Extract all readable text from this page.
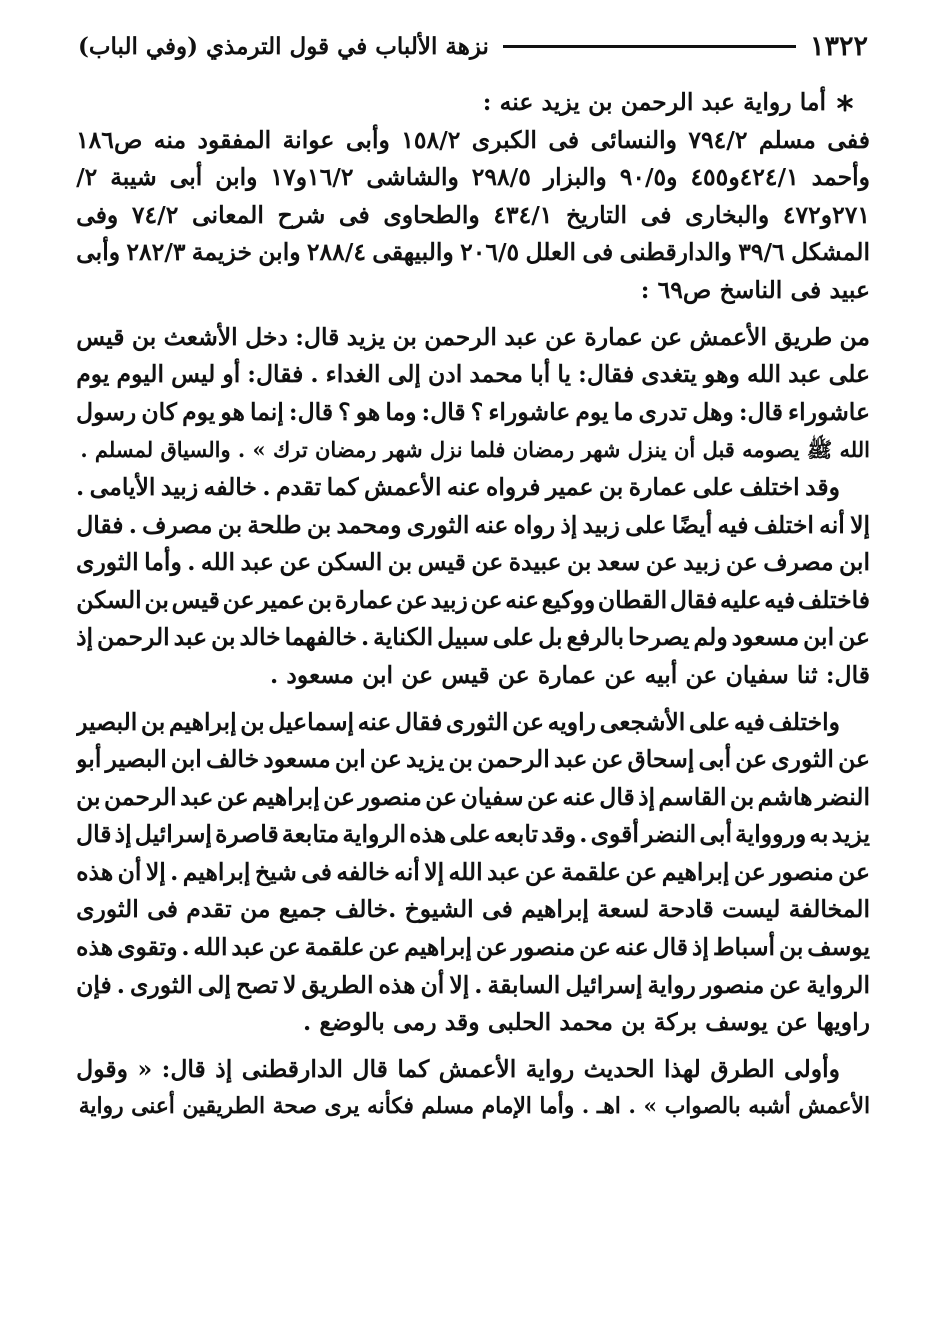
١٣٢٢
نزهة الألباب في قول الترمذي (وفي الباب)
أما رواية عبد الرحمن بن يزيد عنه :
ففى
مسلم
٧٩٤/٢
والنسائى
فى
الكبرى
١٥٨/٢
وأبى
عوانة
المفقود
منه
ص١٨٦
وأحمد
٤٢٤/١و٤٥٥
و٩٠/٥
والبزار
٢٩٨/٥
والشاشى
١٦/٢و١٧
وابن
أبى
شيبة
٢/
٢٧١و٤٧٢
والبخارى
فى
التاريخ
٤٣٤/١
والطحاوى
فى
شرح
المعانى
٧٤/٢
وفى
المشكل
٣٩/٦
والدارقطنى
فى
العلل
٢٠٦/٥
والبيهقى
٢٨٨/٤
وابن
خزيمة
٢٨٢/٣
وأبى
عبيد فى الناسخ ص٦٩ :
من
طريق
الأعمش
عن
عمارة
عن
عبد
الرحمن
بن
يزيد
قال:
دخل
الأشعث
بن
قيس
على
عبد
الله
وهو
يتغدى
فقال:
يا
أبا
محمد
ادن
إلى
الغداء
.
فقال:
أو
ليس
اليوم
يوم
عاشوراء
قال:
وهل
تدرى
ما
يوم
عاشوراء
؟
قال:
وما
هو
؟
قال:
إنما
هو
يوم
كان
رسول
الله ﷺ يصومه قبل أن ينزل شهر رمضان فلما نزل شهر رمضان ترك » . والسياق لمسلم .
وقد
اختلف
على
عمارة
بن
عمير
فرواه
عنه
الأعمش
كما
تقدم
.
خالفه
زبيد
الأيامى
.
إلا
أنه
اختلف
فيه
أيضًا
على
زبيد
إذ
رواه
عنه
الثورى
ومحمد
بن
طلحة
بن
مصرف
.
فقال
ابن
مصرف
عن
زبيد
عن
سعد
بن
عبيدة
عن
قيس
بن
السكن
عن
عبد
الله
.
وأما
الثورى
فاختلف
فيه
عليه
فقال
القطان
ووكيع
عنه
عن
زبيد
عن
عمارة
بن
عمير
عن
قيس
بن
السكن
عن
ابن
مسعود
ولم
يصرحا
بالرفع
بل
على
سبيل
الكناية
.
خالفهما
خالد
بن
عبد
الرحمن
إذ
قال: ثنا سفيان عن أبيه عن عمارة عن قيس عن ابن مسعود .
واختلف
فيه
على
الأشجعى
راويه
عن
الثورى
فقال
عنه
إسماعيل
بن
إبراهيم
بن
البصير
عن
الثورى
عن
أبى
إسحاق
عن
عبد
الرحمن
بن
يزيد
عن
ابن
مسعود
خالف
ابن
البصير
أبو
النضر
هاشم
بن
القاسم
إذ
قال
عنه
عن
سفيان
عن
منصور
عن
إبراهيم
عن
عبد
الرحمن
بن
يزيد
به
وروواية
أبى
النضر
أقوى
.
وقد
تابعه
على
هذه
الرواية
متابعة
قاصرة
إسرائيل
إذ
قال
عن
منصور
عن
إبراهيم
عن
علقمة
عن
عبد
الله
إلا
أنه
خالفه
فى
شيخ
إبراهيم
.
إلا
أن
هذه
المخالفة
ليست
قادحة
لسعة
إبراهيم
فى
الشيوخ
.خالف
جميع
من
تقدم
فى
الثورى
يوسف
بن
أسباط
إذ
قال
عنه
عن
منصور
عن
إبراهيم
عن
علقمة
عن
عبد
الله
.
وتقوى
هذه
الرواية
عن
منصور
رواية
إسرائيل
السابقة
.
إلا
أن
هذه
الطريق
لا
تصح
إلى
الثورى
.
فإن
راويها عن يوسف بركة بن محمد الحلبى وقد رمى بالوضع .
وأولى
الطرق
لهذا
الحديث
رواية
الأعمش
كما
قال
الدارقطنى
إذ
قال:
«
وقول
الأعمش أشبه بالصواب » . اهـ . وأما الإمام مسلم فكأنه يرى صحة الطريقين أعنى رواية
